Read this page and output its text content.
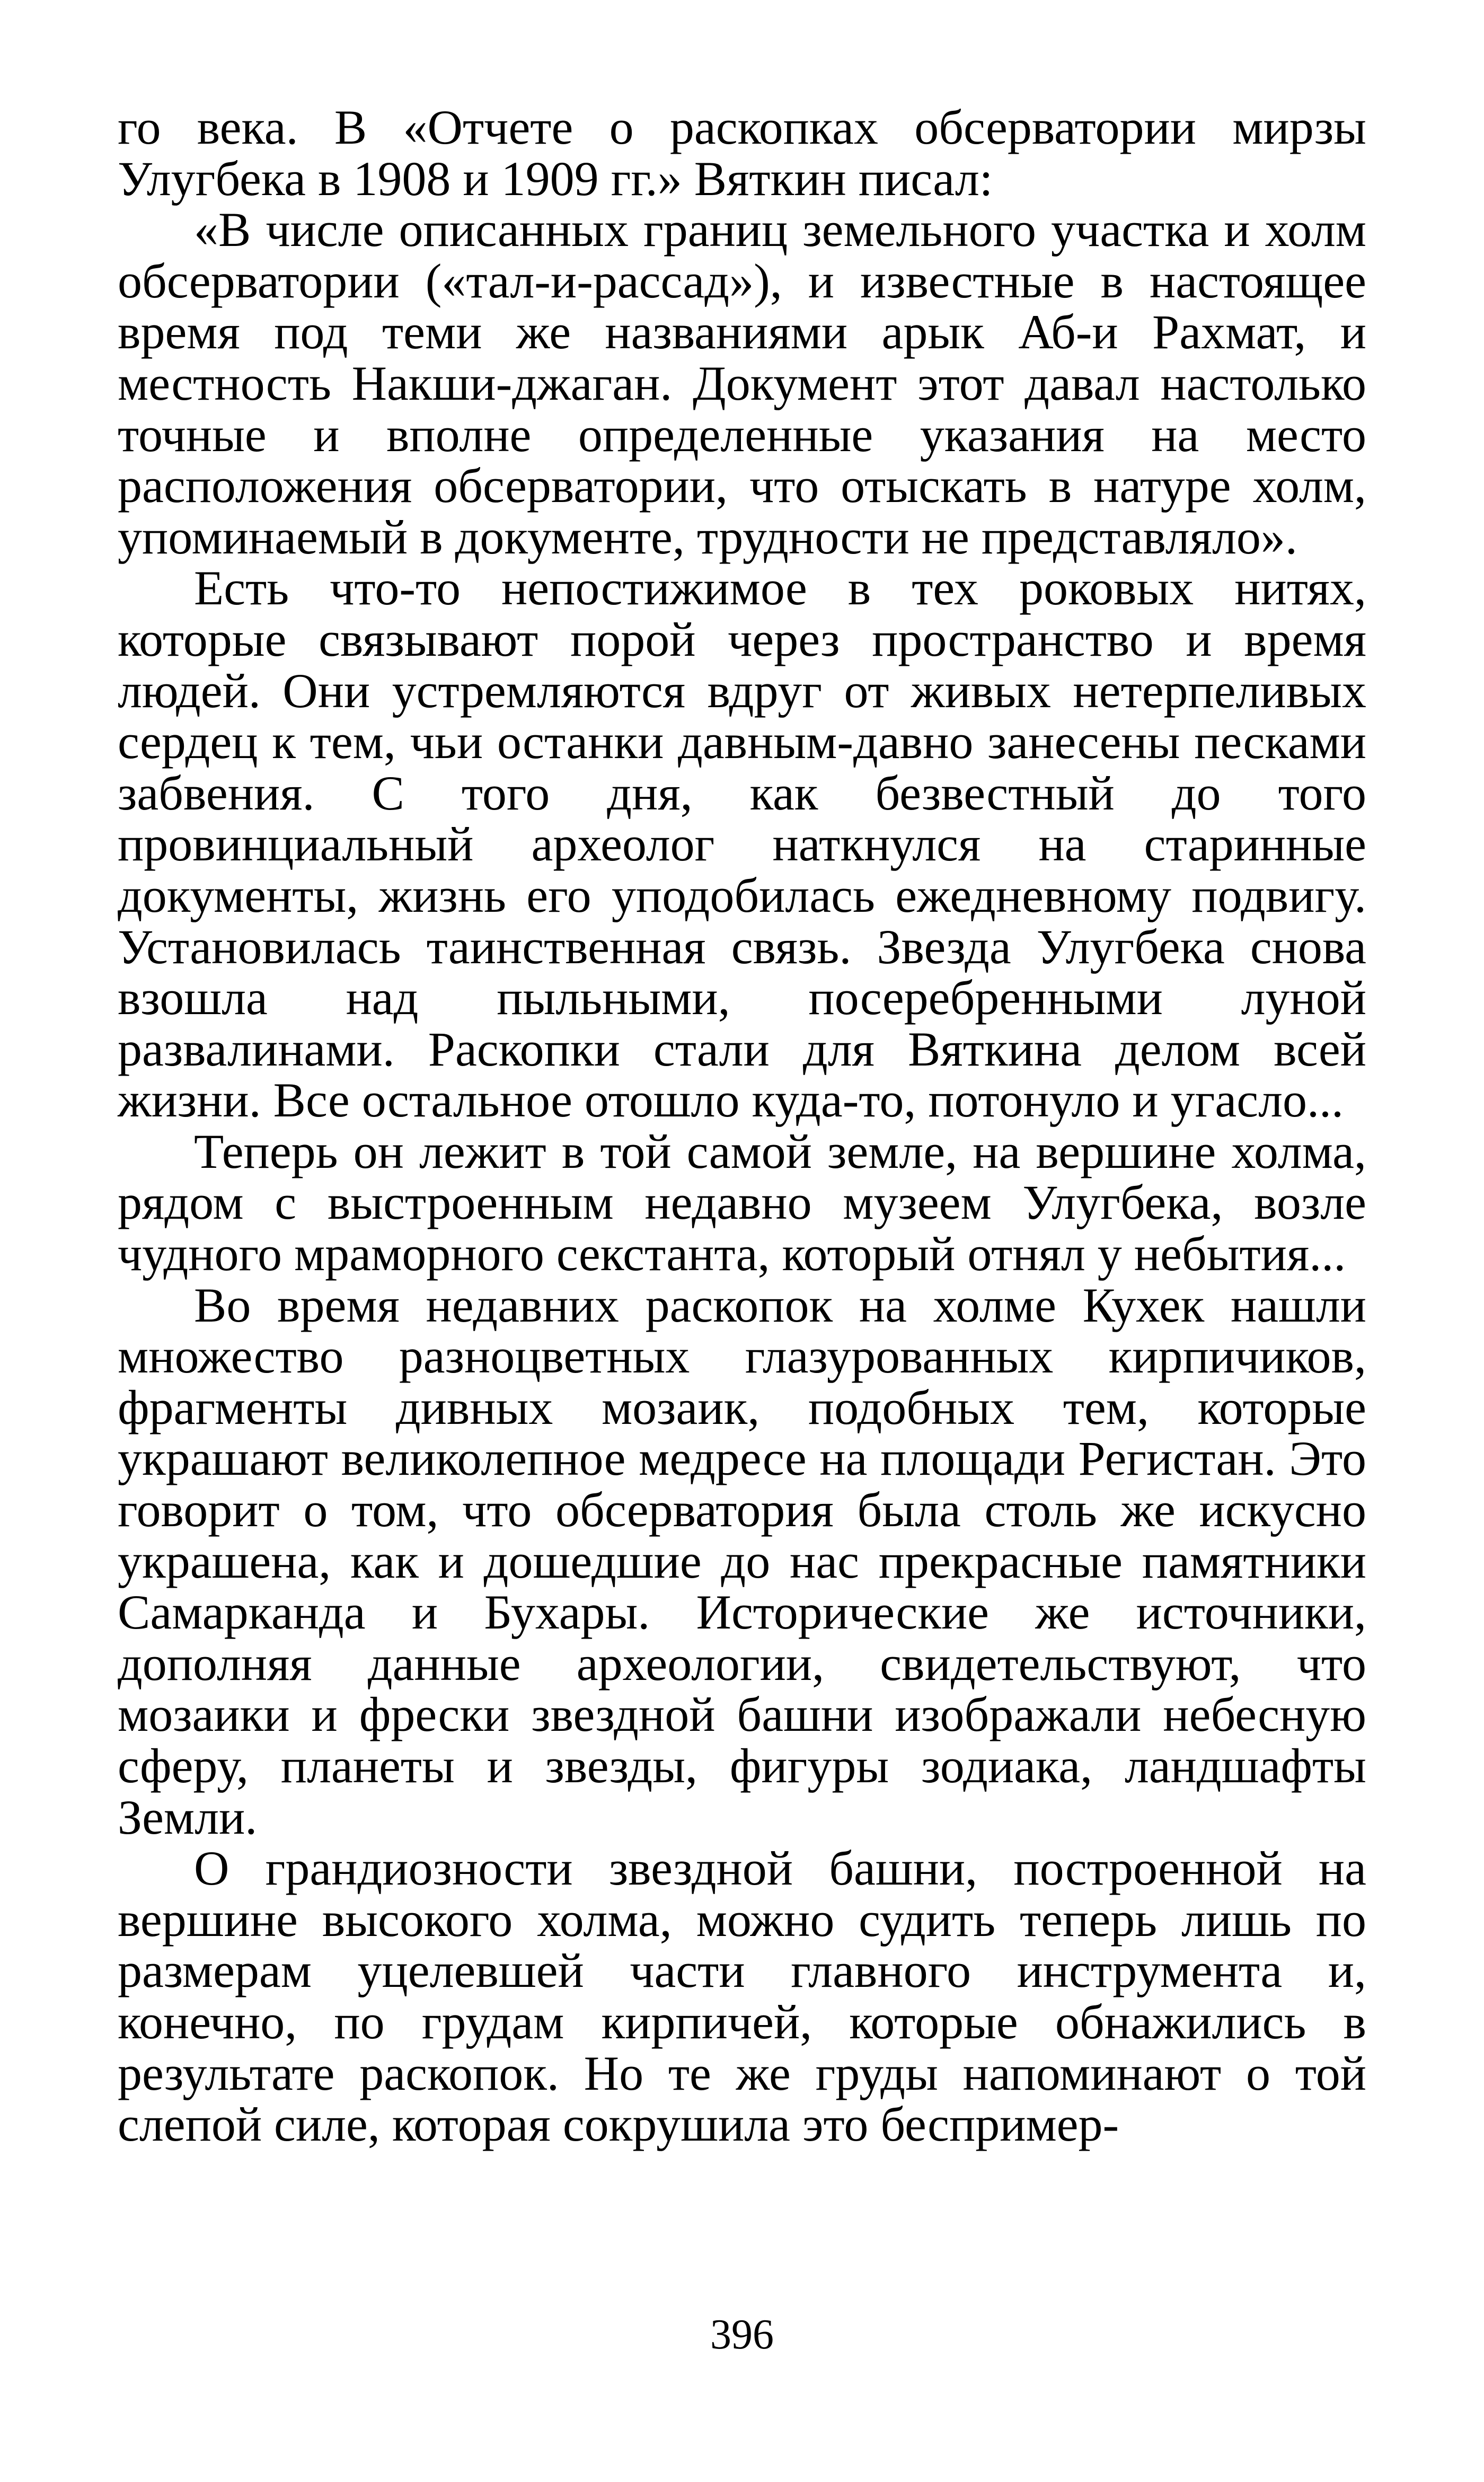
го века. В «Отчете о раскопках обсерватории мирзы Улугбека в 1908 и 1909 гг.» Вяткин писал:

«В числе описанных границ земельного участка и холм обсерватории («тал-и-рассад»), и известные в настоящее время под теми же названиями арык Аб-и Рахмат, и местность Накши-джаган. Документ этот давал настолько точные и вполне определенные указания на место расположения обсерватории, что отыскать в натуре холм, упоминаемый в документе, трудности не представляло».

Есть что-то непостижимое в тех роковых нитях, которые связывают порой через пространство и время людей. Они устремляются вдруг от живых нетерпеливых сердец к тем, чьи останки давным-давно занесены песками забвения. С того дня, как безвестный до того провинциальный археолог наткнулся на старинные документы, жизнь его уподобилась ежедневному подвигу. Установилась таинственная связь. Звезда Улугбека снова взошла над пыльными, посеребренными луной развалинами. Раскопки стали для Вяткина делом всей жизни. Все остальное отошло куда-то, потонуло и угасло...

Теперь он лежит в той самой земле, на вершине холма, рядом с выстроенным недавно музеем Улугбека, возле чудного мраморного секстанта, который отнял у небытия...

Во время недавних раскопок на холме Кухек нашли множество разноцветных глазурованных кирпичиков, фрагменты дивных мозаик, подобных тем, которые украшают великолепное медресе на площади Регистан. Это говорит о том, что обсерватория была столь же искусно украшена, как и дошедшие до нас прекрасные памятники Самарканда и Бухары. Исторические же источники, дополняя данные археологии, свидетельствуют, что мозаики и фрески звездной башни изображали небесную сферу, планеты и звезды, фигуры зодиака, ландшафты Земли.

О грандиозности звездной башни, построенной на вершине высокого холма, можно судить теперь лишь по размерам уцелевшей части главного инструмента и, конечно, по грудам кирпичей, которые обнажились в результате раскопок. Но те же груды напоминают о той слепой силе, которая сокрушила это беспример-

396
